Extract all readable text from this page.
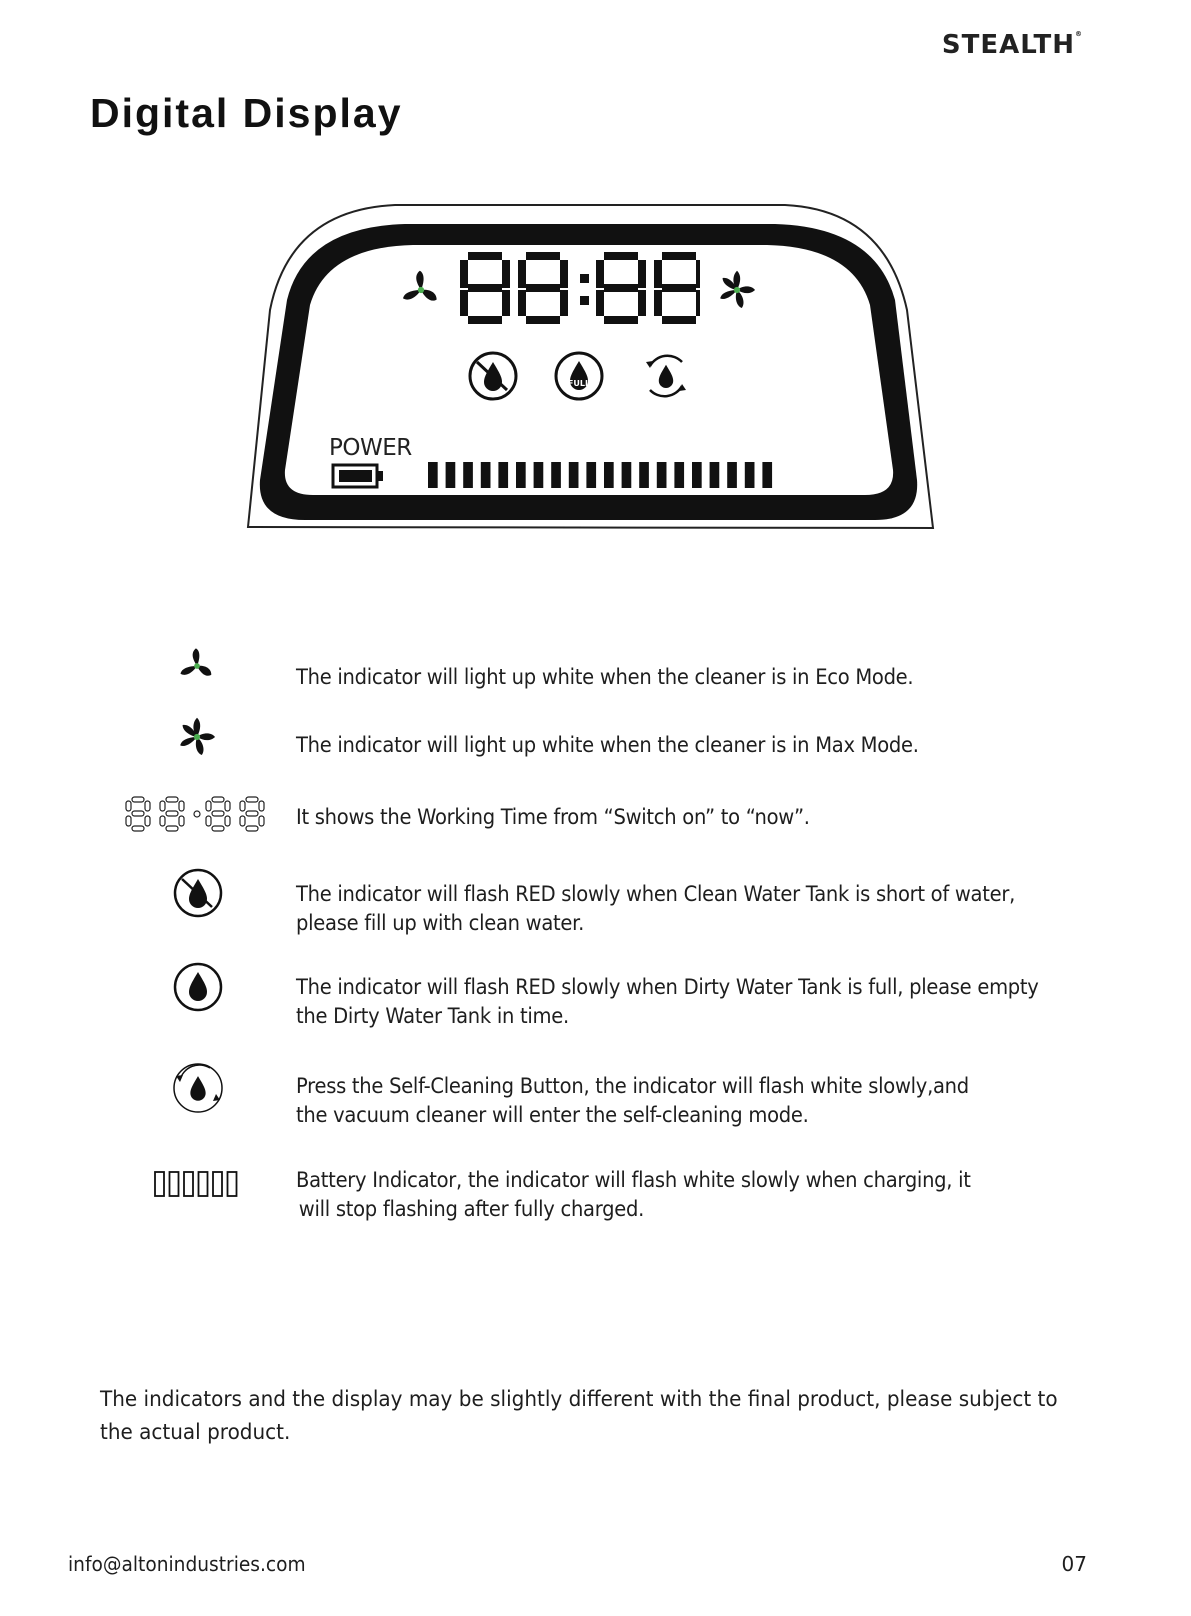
STEALTH®
Digital Display
FULL
POWER
The indicator will light up white when the cleaner is in Eco Mode.
The indicator will light up white when the cleaner is in Max Mode.
It shows the Working Time from “Switch on” to “now”.
The indicator will flash RED slowly when Clean Water Tank is short of water,
please fill up with clean water.
The indicator will flash RED slowly when Dirty Water Tank is full, please empty
the Dirty Water Tank in time.
Press the Self-Cleaning Button, the indicator will flash white slowly,and
the vacuum cleaner will enter the self-cleaning mode.
Battery Indicator, the indicator will flash white slowly when charging, it
will stop flashing after fully charged.
The indicators and the display may be slightly different with the final product, please subject to
the actual product.
info@altonindustries.com	07
